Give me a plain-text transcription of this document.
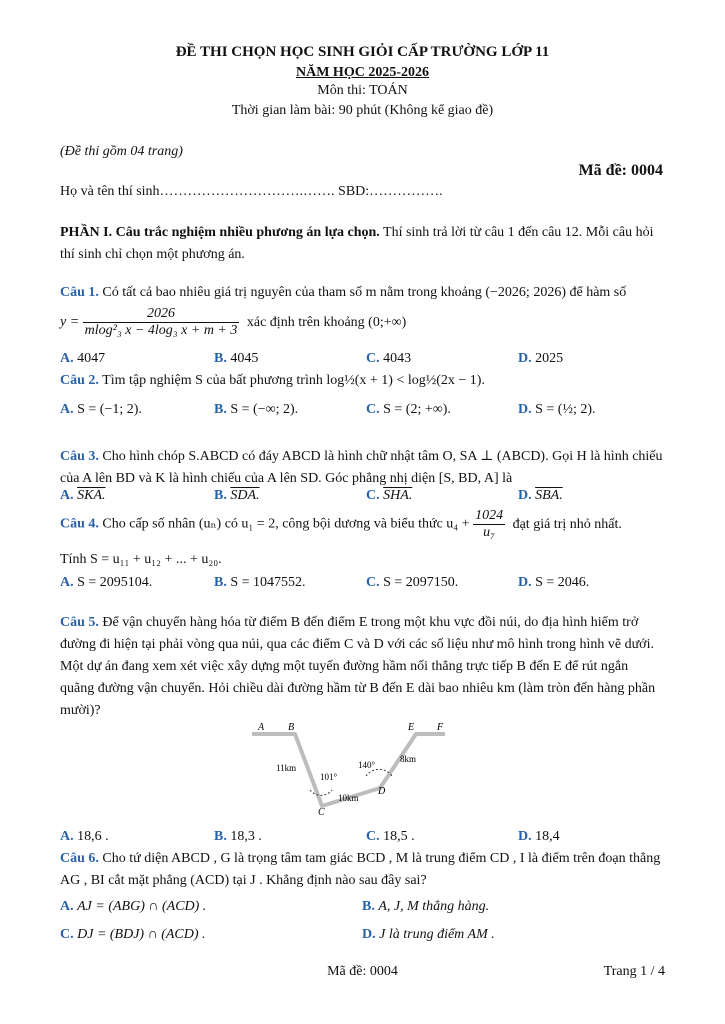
ĐỀ THI CHỌN HỌC SINH GIỎI CẤP TRƯỜNG LỚP 11
NĂM HỌC 2025-2026
Môn thi: TOÁN
Thời gian làm bài: 90 phút (Không kể giao đề)
(Đề thi gồm 04 trang)
Mã đề: 0004
Họ và tên thí sinh………………………….……. SBD:…………….
PHẦN I. Câu trắc nghiệm nhiều phương án lựa chọn. Thí sinh trả lời từ câu 1 đến câu 12. Mỗi câu hỏi thí sinh chỉ chọn một phương án.
Câu 1. Có tất cả bao nhiêu giá trị nguyên của tham số m nằm trong khoảng (−2026; 2026) để hàm số
$y = \frac{2026}{\text{mlog²₃ x − 4log₃ x + m + 3}}$ xác định trên khoảng (0;+∞)
A. 4047	B. 4045	C. 4043	D. 2025
Câu 2. Tìm tập nghiệm S của bất phương trình log½(x + 1) < log½(2x − 1).
A. S = (−1; 2).	B. S = (−∞; 2).	C. S = (2; +∞).	D. S = (½; 2).
Câu 3. Cho hình chóp S.ABCD có đáy ABCD là hình chữ nhật tâm O, SA ⊥ (ABCD). Gọi H là hình chiếu của A lên BD và K là hình chiếu của A lên SD. Góc phẳng nhị diện [S, BD, A] là
A. SKA.	B. SDA.	C. SHA.	D. SBA.
Câu 4. Cho cấp số nhân (uₙ) có u₁ = 2, công bội dương và biểu thức $u_4 + \frac{1024}{\text{u₇}}$ đạt giá trị nhỏ nhất.
Tính S = u₁₁ + u₁₂ + ... + u₂₀.
A. S = 2095104.	B. S = 1047552.	C. S = 2097150.	D. S = 2046.
Câu 5. Để vận chuyển hàng hóa từ điểm B đến điểm E trong một khu vực đồi núi, do địa hình hiểm trở đường đi hiện tại phải vòng qua núi, qua các điểm C và D với các số liệu như mô hình trong hình vẽ dưới. Một dự án đang xem xét việc xây dựng một tuyến đường hầm nối thẳng trực tiếp B đến E để rút ngắn quãng đường vận chuyển. Hỏi chiều dài đường hầm từ B đến E dài bao nhiêu km (làm tròn đến hàng phần mười)?
A B
C
D
E F
11km
10km
8km
101°
140°
A. 18,6 .	B. 18,3 .	C. 18,5 .	D. 18,4
Câu 6. Cho tứ diện ABCD , G là trọng tâm tam giác BCD , M là trung điểm CD , I là điểm trên đoạn thẳng AG , BI cắt mặt phẳng (ACD) tại J . Khẳng định nào sau đây sai?
A. AJ = (ABG) ∩ (ACD) .	B. A, J, M thẳng hàng.
C. DJ = (BDJ) ∩ (ACD) .	D. J là trung điểm AM .
Mã đề: 0004	Trang 1 / 4
